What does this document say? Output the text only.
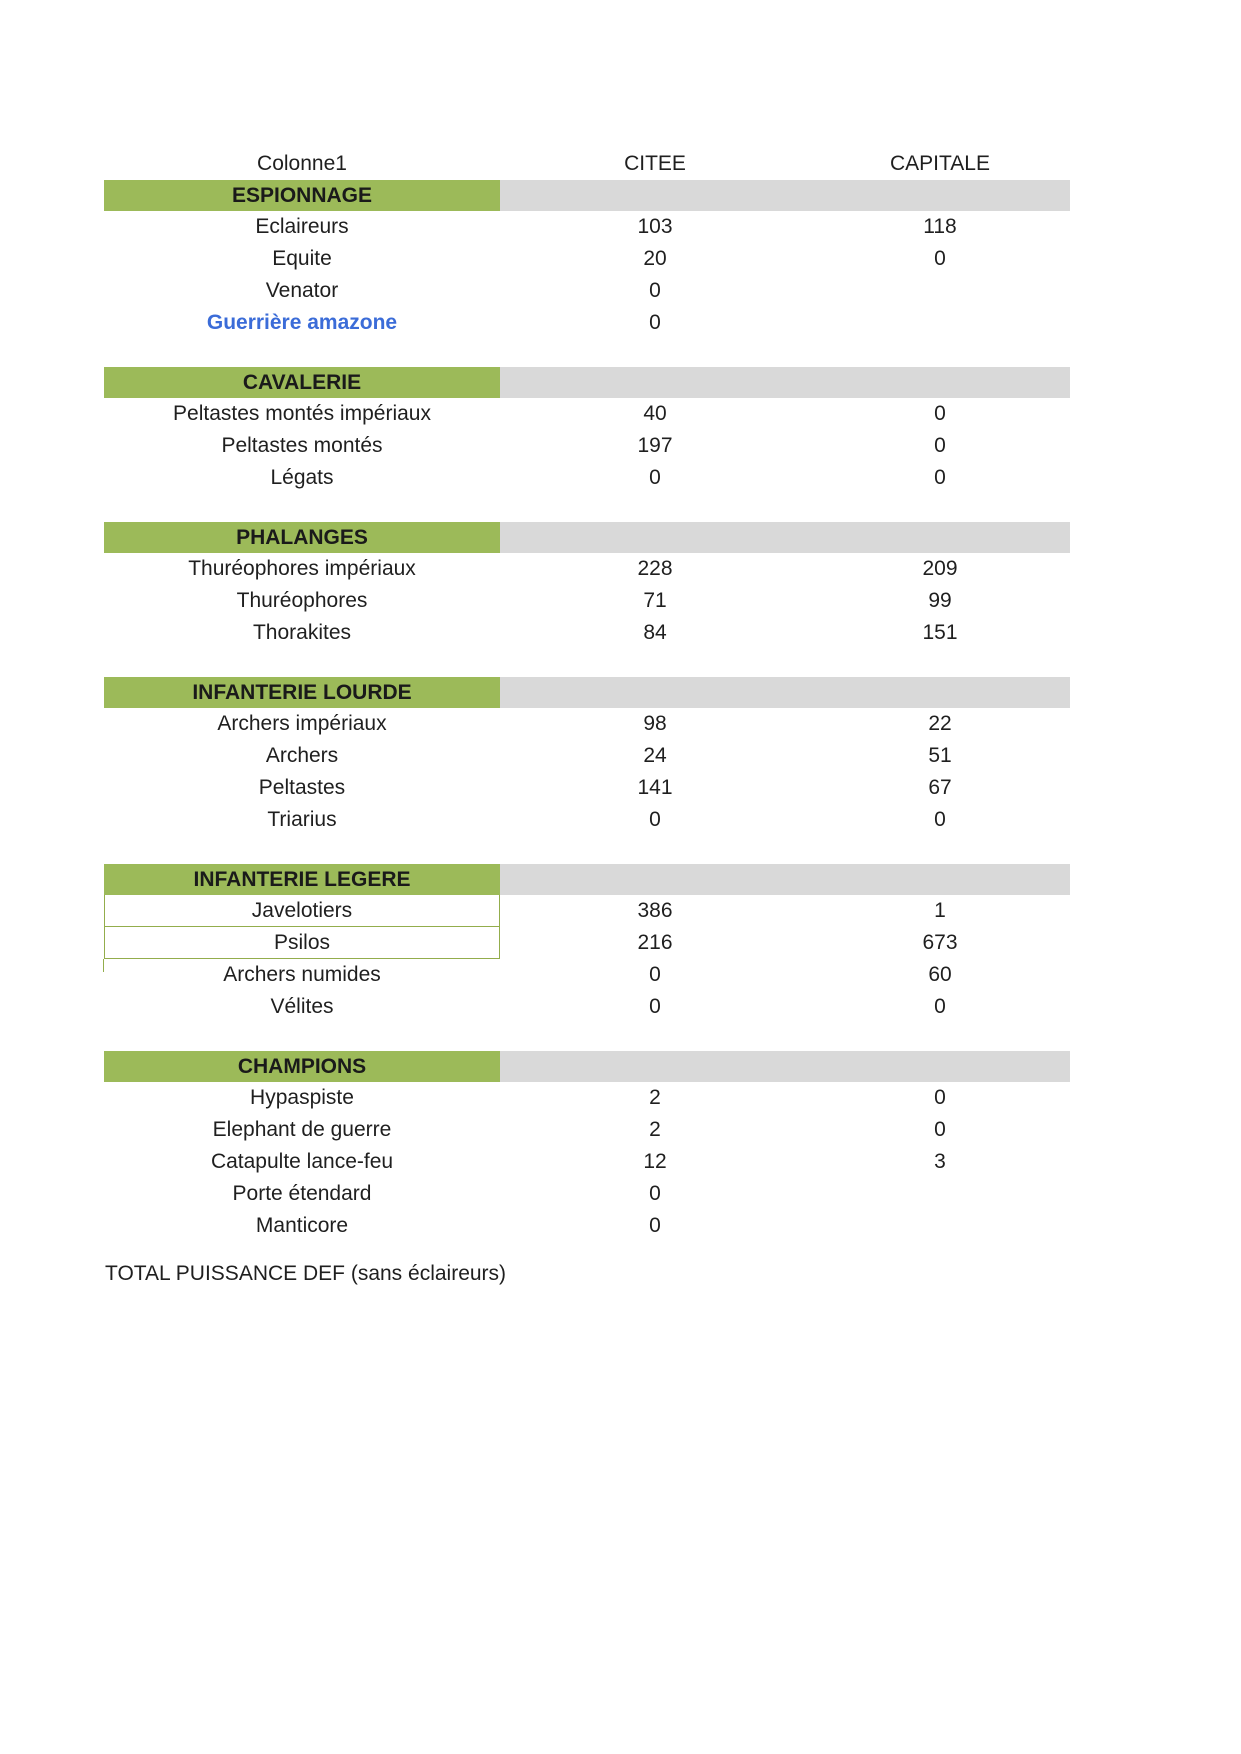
Colonne1	CITEE	CAPITALE
ESPIONNAGE
Eclaireurs	103	118
Equite	20	0
Venator	0
Guerrière amazone	0
CAVALERIE
Peltastes montés impériaux	40	0
Peltastes montés	197	0
Légats	0	0
PHALANGES
Thuréophores impériaux	228	209
Thuréophores	71	99
Thorakites	84	151
INFANTERIE LOURDE
Archers impériaux	98	22
Archers	24	51
Peltastes	141	67
Triarius	0	0
INFANTERIE LEGERE
Javelotiers	386	1
Psilos	216	673
Archers numides	0	60
Vélites	0	0
CHAMPIONS
Hypaspiste	2	0
Elephant de guerre	2	0
Catapulte lance-feu	12	3
Porte étendard	0
Manticore	0
TOTAL PUISSANCE DEF (sans éclaireurs)
